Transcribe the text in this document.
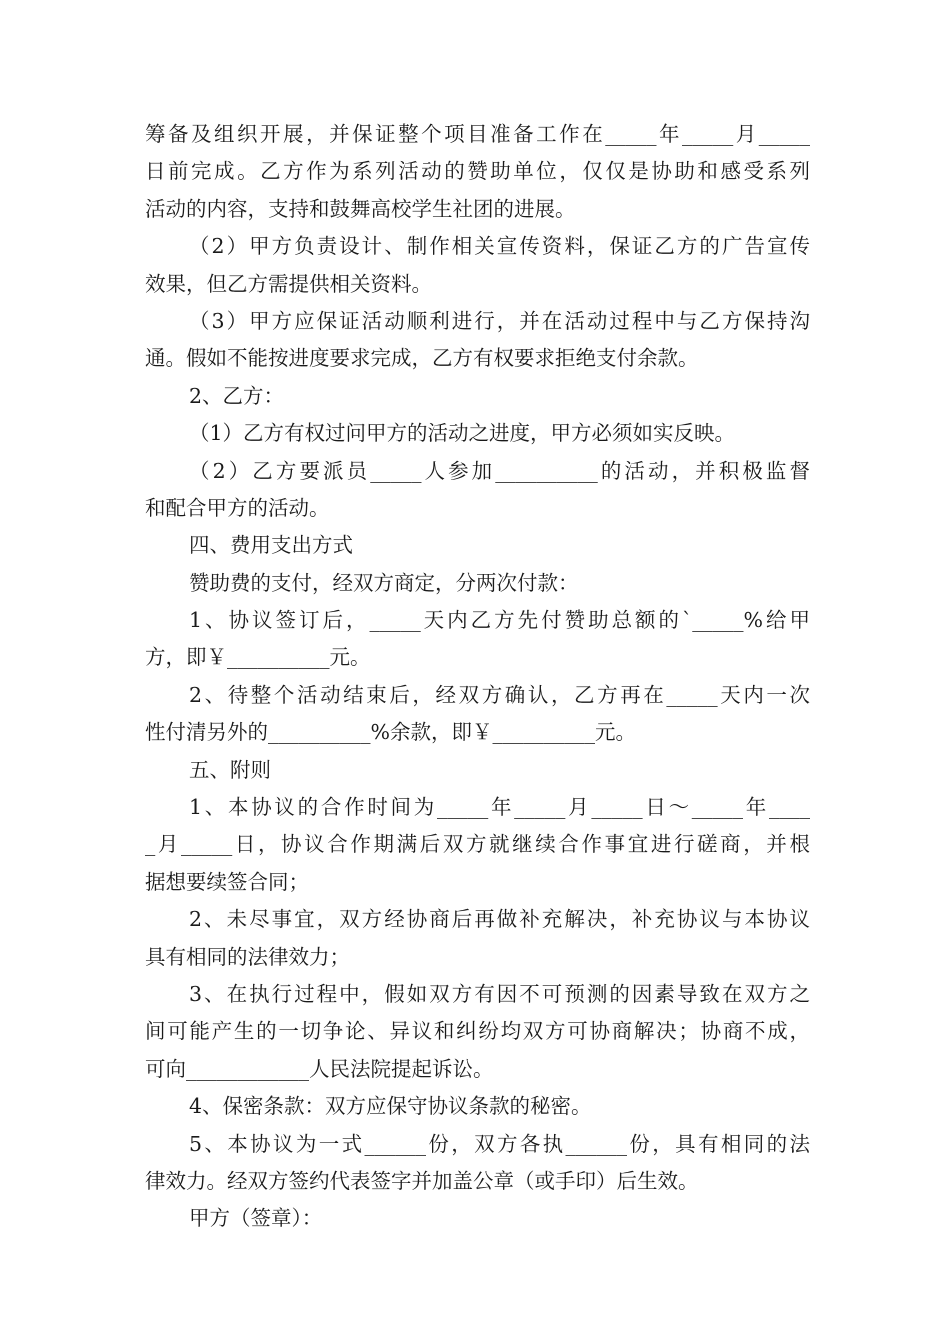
筹备及组织开展，并保证整个项目准备工作在_____年_____月_____
日前完成。乙方作为系列活动的赞助单位，仅仅是协助和感受系列
活动的内容，支持和鼓舞高校学生社团的进展。
（2）甲方负责设计、制作相关宣传资料，保证乙方的广告宣传
效果，但乙方需提供相关资料。
（3）甲方应保证活动顺利进行，并在活动过程中与乙方保持沟
通。假如不能按进度要求完成，乙方有权要求拒绝支付余款。
2、乙方：
（1）乙方有权过问甲方的活动之进度，甲方必须如实反映。
（2）乙方要派员_____人参加__________的活动，并积极监督
和配合甲方的活动。
四、费用支出方式
赞助费的支付，经双方商定，分两次付款：
1、协议签订后，_____天内乙方先付赞助总额的`_____%给甲
方，即￥__________元。
2、待整个活动结束后，经双方确认，乙方再在_____天内一次
性付清另外的__________%余款，即￥__________元。
五、附则
1、本协议的合作时间为_____年_____月_____日～_____年____
_月_____日，协议合作期满后双方就继续合作事宜进行磋商，并根
据想要续签合同；
2、未尽事宜，双方经协商后再做补充解决，补充协议与本协议
具有相同的法律效力；
3、在执行过程中，假如双方有因不可预测的因素导致在双方之
间可能产生的一切争论、异议和纠纷均双方可协商解决；协商不成，
可向____________人民法院提起诉讼。
4、保密条款：双方应保守协议条款的秘密。
5、本协议为一式______份，双方各执______份，具有相同的法
律效力。经双方签约代表签字并加盖公章（或手印）后生效。
甲方（签章）：
